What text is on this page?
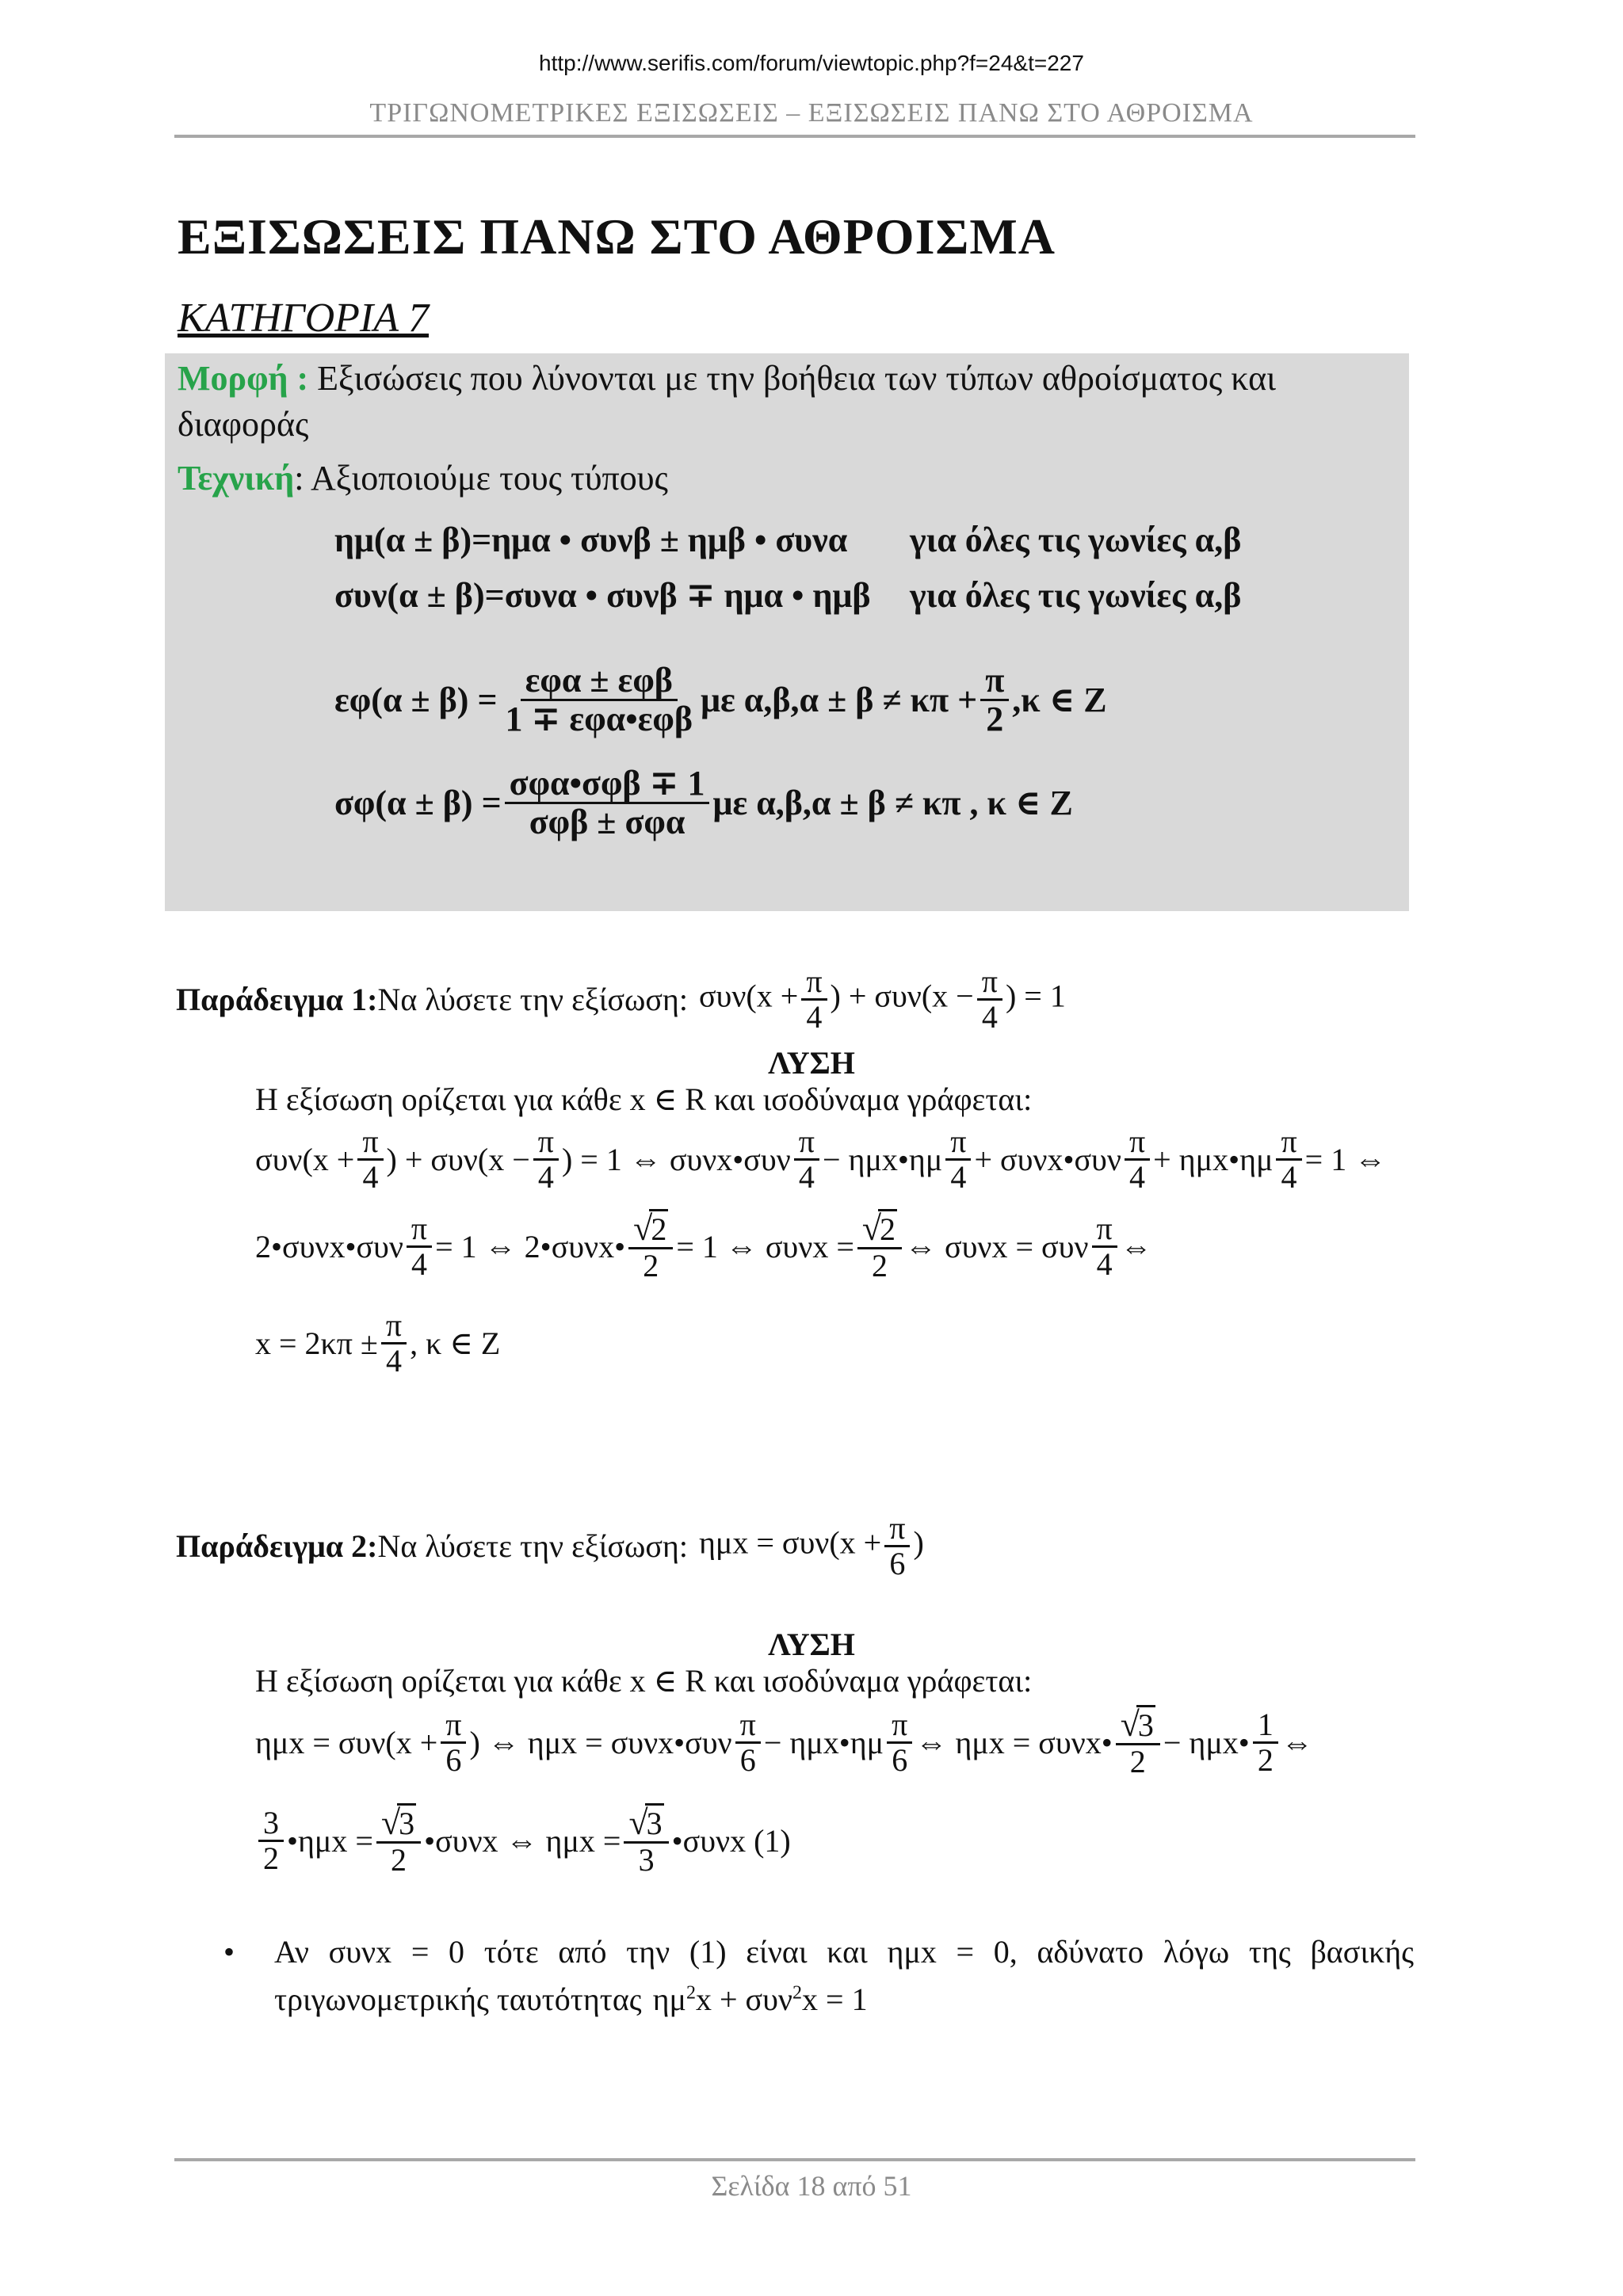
http://www.serifis.com/forum/viewtopic.php?f=24&t=227
ΤΡΙΓΩΝΟΜΕΤΡΙΚΕΣ ΕΞΙΣΩΣΕΙΣ – ΕΞΙΣΩΣΕΙΣ ΠΑΝΩ ΣΤΟ ΑΘΡΟΙΣΜΑ
ΕΞΙΣΩΣΕΙΣ ΠΑΝΩ ΣΤΟ ΑΘΡΟΙΣΜΑ
ΚΑΤΗΓΟΡΙΑ 7
Μορφή : Εξισώσεις που λύνονται με την βοήθεια των τύπων αθροίσματος και
διαφοράς
Τεχνική: Αξιοποιούμε τους τύπους
ημ(α ± β)=ημα • συνβ ± ημβ • συνα για όλες τις γωνίες α,β
συν(α ± β)=συνα • συνβ ∓ ημα • ημβ για όλες τις γωνίες α,β
$\varepsilon\varphi(\alpha \pm \beta) = \frac{\text{εφα ± εφβ}}{\text{1 ∓ εφα•εφβ}}$ με $\alpha,\beta,\alpha \pm \beta \ne \kappa\pi + \frac{\pi}{2} ,\kappa$ ∈ Z
$\sigma\varphi(\alpha \pm \beta) = \frac{\text{σφα•σφβ ∓ 1}}{\text{σφβ ± σφα}}$ με α,β,α ± β ≠ κπ , κ ∈ Z
Παράδειγμα 1: Να λύσετε την εξίσωση: $\sigma\upsilon\nu(x + \frac{\pi}{4}$ ) + $\sigma\upsilon\nu(x - \frac{\pi}{4}$ ) = 1
ΛΥΣΗ
Η εξίσωση ορίζεται για κάθε x ∈ R και ισοδύναμα γράφεται:
$\sigma\upsilon\nu(x + \frac{\pi}{4}$ ) + $\sigma\upsilon\nu(x - \frac{\pi}{4}$ ) = 1 ⇔ συνx•συν $\frac{\pi}{4}$ − ημx•ημ $\frac{\pi}{4}$ + συνx•συν $\frac{\pi}{4}$ + ημx•ημ $\frac{\pi}{4} = 1$ ⇔
2•συνx•συν $\frac{\pi}{4} = 1$ ⇔ 2•συνx• $\frac{√2}{2} = 1$ ⇔ $\sigma\upsilon\nu x = \frac{√2}{2}$ ⇔ συνx = συν $\frac{\pi}{4}$ ⇔
$x = 2\kappa\pi \pm \frac{\pi}{4}$ , κ ∈ Z
Παράδειγμα 2: Να λύσετε την εξίσωση: $\eta\mu x = \sigma\upsilon\nu(x + \frac{\pi}{6}$ )
ΛΥΣΗ
Η εξίσωση ορίζεται για κάθε x ∈ R και ισοδύναμα γράφεται:
$\eta\mu x = \sigma\upsilon\nu(x + \frac{\pi}{6}$ ) ⇔ ημx = συνx•συν $\frac{\pi}{6}$ − ημx•ημ $\frac{\pi}{6}$ ⇔ ημx = συνx• $\frac{√3}{2}$ − ημx• $\frac{1}{2}$ ⇔
$\frac{3}{2}$ •ημx = $\frac{√3}{2}$ •συνx ⇔ $\eta\mu x = \frac{√3}{3}$ •συνx (1)
• Αν συνx = 0 τότε από την (1) είναι και ημx = 0, αδύνατο λόγω της βασικής
τριγωνομετρικής ταυτότητας $\eta\mu^2x + \sigma\upsilon\nu^2x = 1$
Σελίδα 18 από 51
